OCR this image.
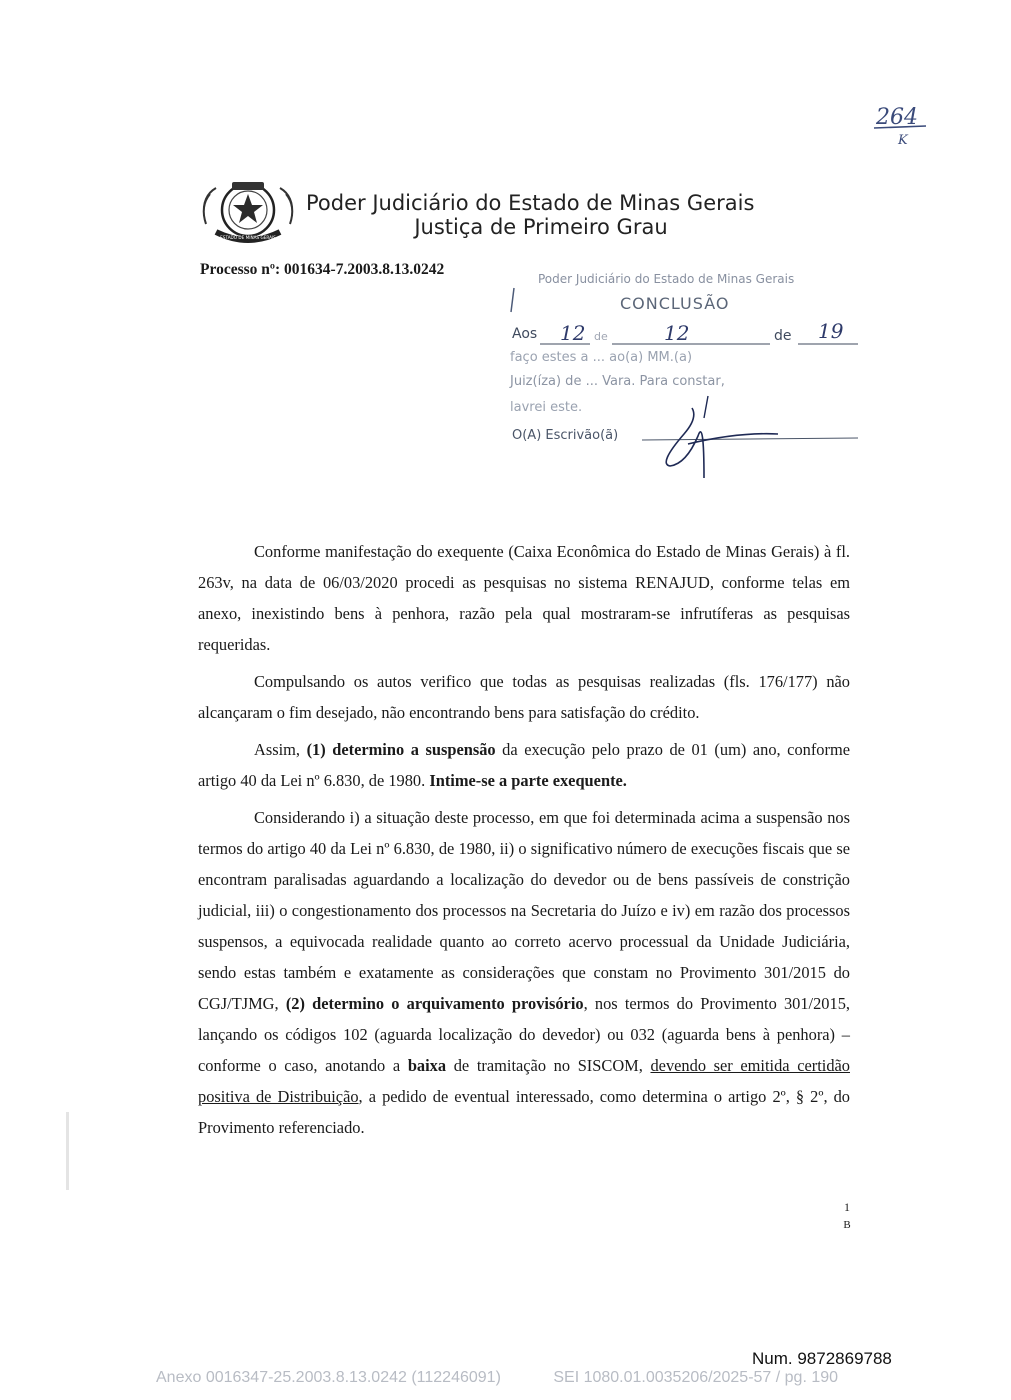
264
K
ESTADO DE MINAS GERAIS
Poder Judiciário do Estado de Minas Gerais
Justiça de Primeiro Grau
Processo nº: 001634-7.2003.8.13.0242
Poder Judiciário do Estado de Minas Gerais
CONCLUSÃO
Aos
faço estes a ... ao(a) MM.(a)
Juiz(íza) de ... Vara. Para constar,
lavrei este.
O(A) Escrivão(ã)
12 de	12	de 19

Conforme manifestação do exequente (Caixa Econômica do Estado de Minas Gerais) à fl. 263v, na data de 06/03/2020 procedi as pesquisas no sistema RENAJUD, conforme telas em anexo, inexistindo bens à penhora, razão pela qual mostraram-se infrutíferas as pesquisas requeridas.

Compulsando os autos verifico que todas as pesquisas realizadas (fls. 176/177) não alcançaram o fim desejado, não encontrando bens para satisfação do crédito.

Assim, (1) determino a suspensão da execução pelo prazo de 01 (um) ano, conforme artigo 40 da Lei nº 6.830, de 1980. Intime-se a parte exequente.

Considerando i) a situação deste processo, em que foi determinada acima a suspensão nos termos do artigo 40 da Lei nº 6.830, de 1980, ii) o significativo número de execuções fiscais que se encontram paralisadas aguardando a localização do devedor ou de bens passíveis de constrição judicial, iii) o congestionamento dos processos na Secretaria do Juízo e iv) em razão dos processos suspensos, a equivocada realidade quanto ao correto acervo processual da Unidade Judiciária, sendo estas também e exatamente as considerações que constam no Provimento 301/2015 do CGJ/TJMG, (2) determino o arquivamento provisório, nos termos do Provimento 301/2015, lançando os códigos 102 (aguarda localização do devedor) ou 032 (aguarda bens à penhora) – conforme o caso, anotando a baixa de tramitação no SISCOM, devendo ser emitida certidão positiva de Distribuição, a pedido de eventual interessado, como determina o artigo 2º, § 2º, do Provimento referenciado.

1
B
Num. 9872869788
Anexo 0016347-25.2003.8.13.0242 (112246091)	SEI 1080.01.0035206/2025-57 / pg. 190
